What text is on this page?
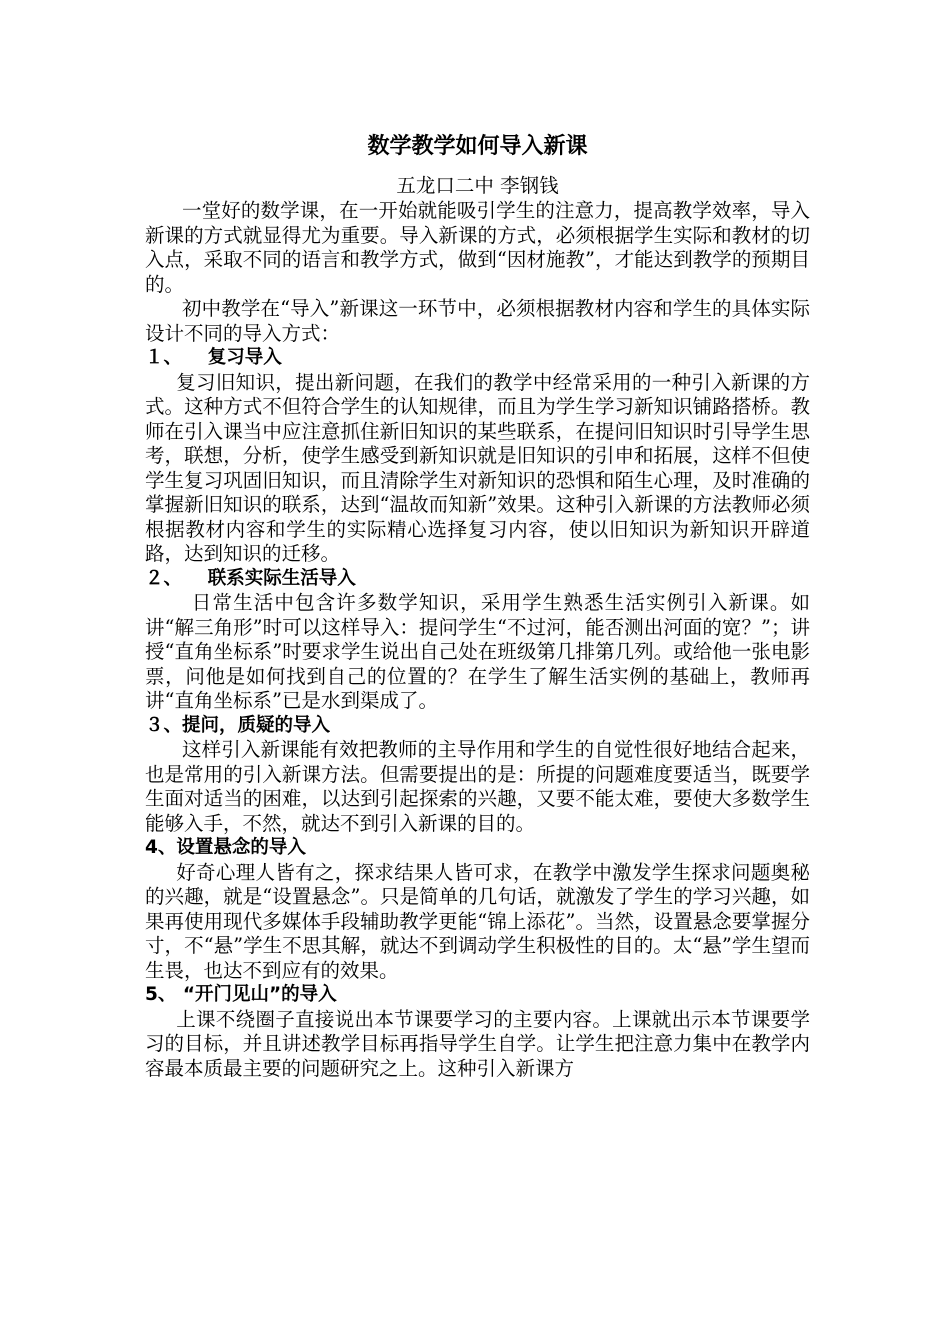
数学教学如何导入新课
五龙口二中 李钢钱

一堂好的数学课，在一开始就能吸引学生的注意力，提高教学效率，导入新课的方式就显得尤为重要。导入新课的方式，必须根据学生实际和教材的切入点，采取不同的语言和教学方式，做到“因材施教”，才能达到教学的预期目的。

初中教学在“导入”新课这一环节中，必须根据教材内容和学生的具体实际设计不同的导入方式：

１、    复习导入

复习旧知识，提出新问题，在我们的教学中经常采用的一种引入新课的方式。这种方式不但符合学生的认知规律，而且为学生学习新知识铺路搭桥。教师在引入课当中应注意抓住新旧知识的某些联系，在提问旧知识时引导学生思考，联想，分析，使学生感受到新知识就是旧知识的引申和拓展，这样不但使学生复习巩固旧知识，而且清除学生对新知识的恐惧和陌生心理，及时准确的掌握新旧知识的联系，达到“温故而知新”效果。这种引入新课的方法教师必须根据教材内容和学生的实际精心选择复习内容，使以旧知识为新知识开辟道路，达到知识的迁移。

２、    联系实际生活导入

日常生活中包含许多数学知识，采用学生熟悉生活实例引入新课。如讲“解三角形”时可以这样导入：提问学生“不过河，能否测出河面的宽？”；讲授“直角坐标系”时要求学生说出自己处在班级第几排第几列。或给他一张电影票，问他是如何找到自己的位置的？在学生了解生活实例的基础上，教师再讲“直角坐标系”已是水到渠成了。

３、提问，质疑的导入

这样引入新课能有效把教师的主导作用和学生的自觉性很好地结合起来，也是常用的引入新课方法。但需要提出的是：所提的问题难度要适当，既要学生面对适当的困难，以达到引起探索的兴趣，又要不能太难，要使大多数学生能够入手，不然，就达不到引入新课的目的。

4、设置悬念的导入

好奇心理人皆有之，探求结果人皆可求，在教学中激发学生探求问题奥秘的兴趣，就是“设置悬念”。只是简单的几句话，就激发了学生的学习兴趣，如果再使用现代多媒体手段辅助教学更能“锦上添花”。当然，设置悬念要掌握分寸，不“悬”学生不思其解，就达不到调动学生积极性的目的。太“悬”学生望而生畏，也达不到应有的效果。

5、 “开门见山”的导入

上课不绕圈子直接说出本节课要学习的主要内容。上课就出示本节课要学习的目标，并且讲述教学目标再指导学生自学。让学生把注意力集中在教学内容最本质最主要的问题研究之上。这种引入新课方
